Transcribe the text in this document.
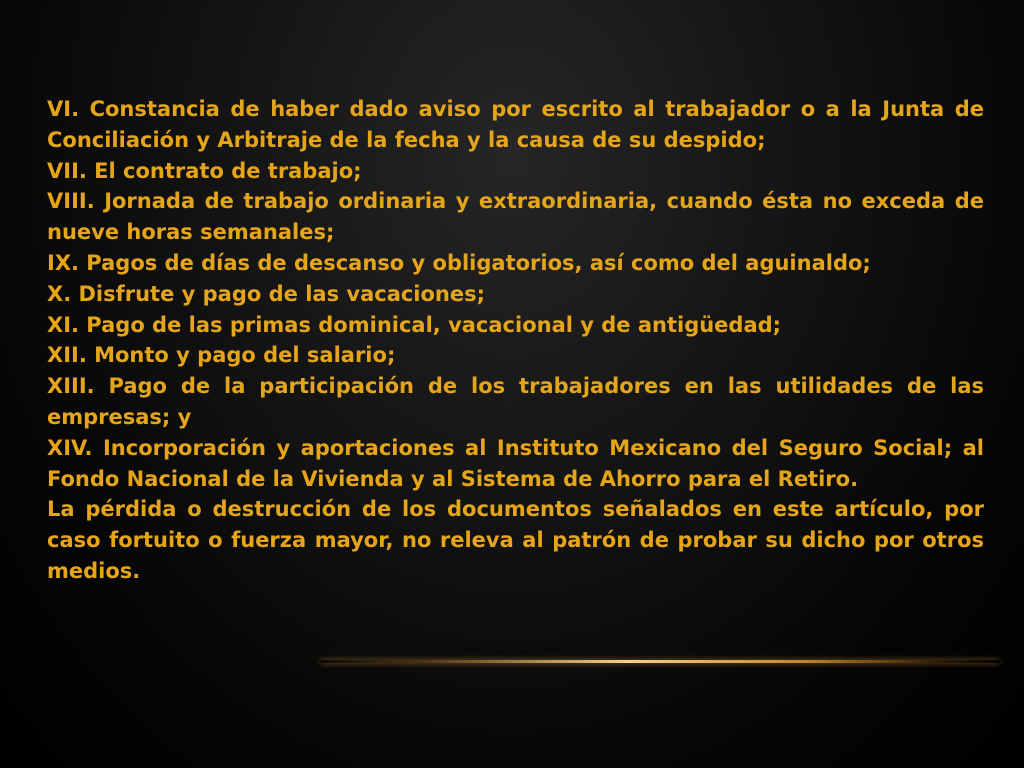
VI. Constancia de haber dado aviso por escrito al trabajador o a la Junta de Conciliación y Arbitraje de la fecha y la causa de su despido;

VII. El contrato de trabajo;

VIII. Jornada de trabajo ordinaria y extraordinaria, cuando ésta no exceda de nueve horas semanales;

IX. Pagos de días de descanso y obligatorios, así como del aguinaldo;

X. Disfrute y pago de las vacaciones;

XI. Pago de las primas dominical, vacacional y de antigüedad;

XII. Monto y pago del salario;

XIII. Pago de la participación de los trabajadores en las utilidades de las empresas; y

XIV. Incorporación y aportaciones al Instituto Mexicano del Seguro Social; al Fondo Nacional de la Vivienda y al Sistema de Ahorro para el Retiro.

La pérdida o destrucción de los documentos señalados en este artículo, por caso fortuito o fuerza mayor, no releva al patrón de probar su dicho por otros medios.
